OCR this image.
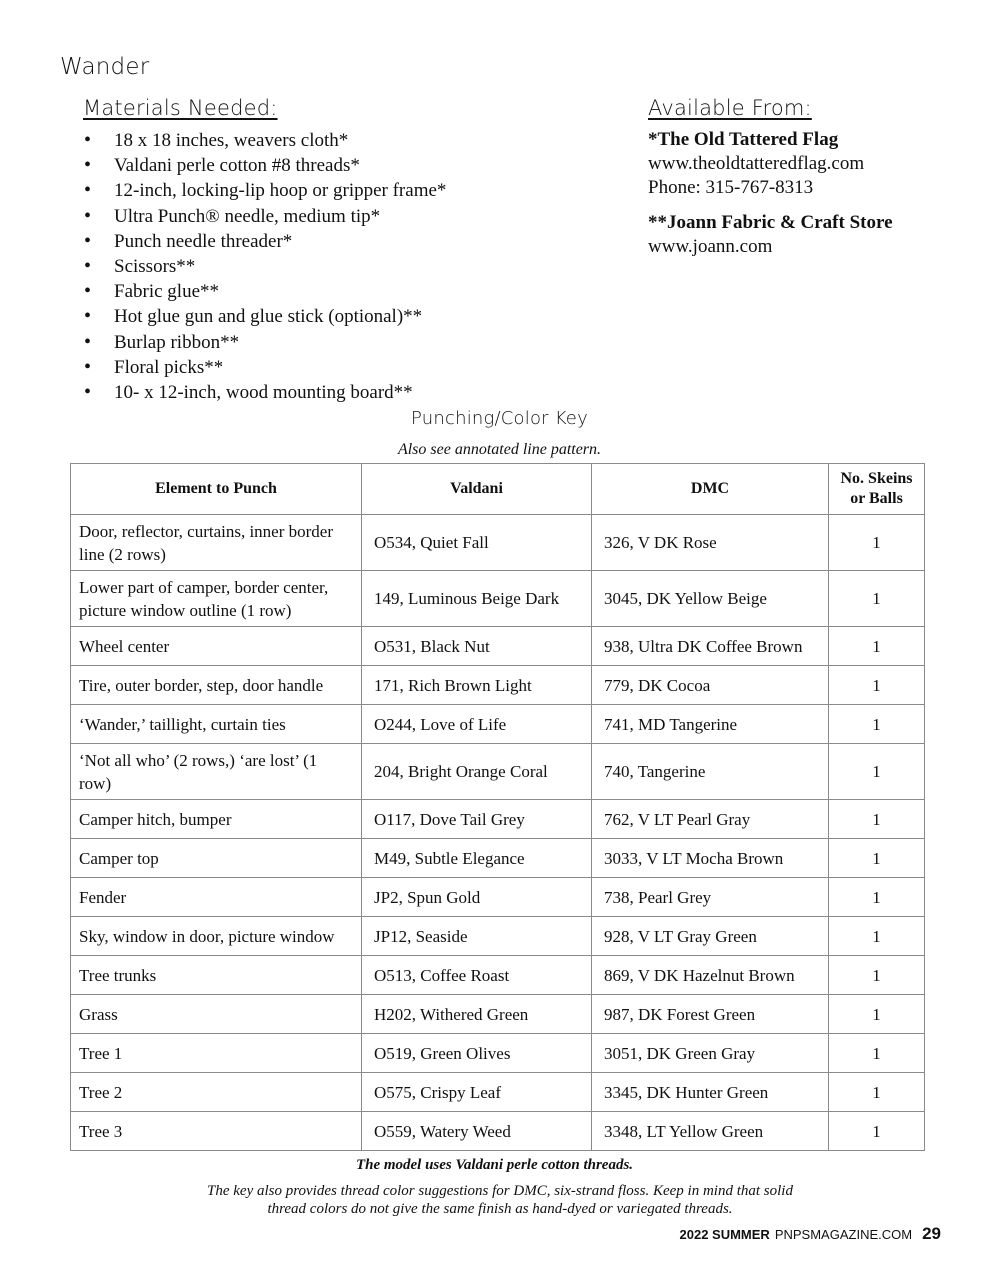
Wander
Materials Needed:
• 18 x 18 inches, weavers cloth*
• Valdani perle cotton #8 threads*
• 12-inch, locking-lip hoop or gripper frame*
• Ultra Punch® needle, medium tip*
• Punch needle threader*
• Scissors**
• Fabric glue**
• Hot glue gun and glue stick (optional)**
• Burlap ribbon**
• Floral picks**
• 10- x 12-inch, wood mounting board**
Available From:
*The Old Tattered Flag
www.theoldtatteredflag.com
Phone: 315-767-8313
**Joann Fabric & Craft Store
www.joann.com
Punching/Color Key
Also see annotated line pattern.
Element to Punch	Valdani	DMC	No. Skeins or Balls
Door, reflector, curtains, inner border line (2 rows)	O534, Quiet Fall	326, V DK Rose	1
Lower part of camper, border center, picture window outline (1 row)	149, Luminous Beige Dark	3045, DK Yellow Beige	1
Wheel center	O531, Black Nut	938, Ultra DK Coffee Brown	1
Tire, outer border, step, door handle	171, Rich Brown Light	779, DK Cocoa	1
‘Wander,’ taillight, curtain ties	O244, Love of Life	741, MD Tangerine	1
‘Not all who’ (2 rows,) ‘are lost’ (1 row)	204, Bright Orange Coral	740, Tangerine	1
Camper hitch, bumper	O117, Dove Tail Grey	762, V LT Pearl Gray	1
Camper top	M49, Subtle Elegance	3033, V LT Mocha Brown	1
Fender	JP2, Spun Gold	738, Pearl Grey	1
Sky, window in door, picture window	JP12, Seaside	928, V LT Gray Green	1
Tree trunks	O513, Coffee Roast	869, V DK Hazelnut Brown	1
Grass	H202, Withered Green	987, DK Forest Green	1
Tree 1	O519, Green Olives	3051, DK Green Gray	1
Tree 2	O575, Crispy Leaf	3345, DK Hunter Green	1
Tree 3	O559, Watery Weed	3348, LT Yellow Green	1
The model uses Valdani perle cotton threads.
The key also provides thread color suggestions for DMC, six-strand floss. Keep in mind that solid thread colors do not give the same finish as hand-dyed or variegated threads.
2022 SUMMER PNPSMAGAZINE.COM 29
